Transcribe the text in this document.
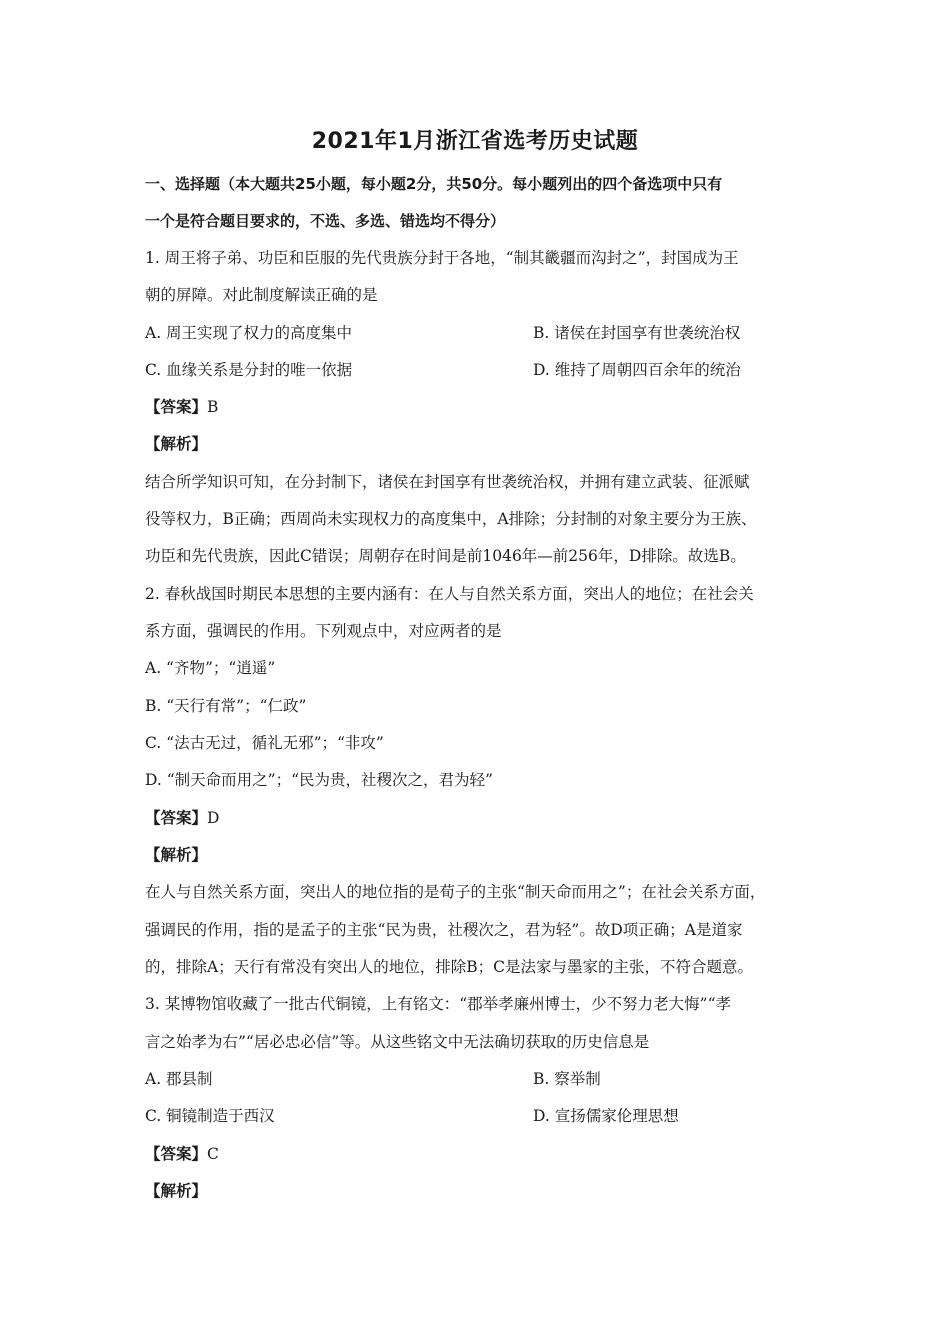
2021年1月浙江省选考历史试题
一、选择题（本大题共25小题，每小题2分，共50分。每小题列出的四个备选项中只有
一个是符合题目要求的，不选、多选、错选均不得分）
1. 周王将子弟、功臣和臣服的先代贵族分封于各地，“制其畿疆而沟封之”，封国成为王
朝的屏障。对此制度解读正确的是
A. 周王实现了权力的高度集中	B. 诸侯在封国享有世袭统治权
C. 血缘关系是分封的唯一依据	D. 维持了周朝四百余年的统治
【答案】B
【解析】
结合所学知识可知，在分封制下，诸侯在封国享有世袭统治权，并拥有建立武装、征派赋
役等权力，B正确；西周尚未实现权力的高度集中，A排除；分封制的对象主要分为王族、
功臣和先代贵族，因此C错误；周朝存在时间是前1046年—前256年，D排除。故选B。
2. 春秋战国时期民本思想的主要内涵有：在人与自然关系方面，突出人的地位；在社会关
系方面，强调民的作用。下列观点中，对应两者的是
A. “齐物”；“逍遥”
B. “天行有常”；“仁政”
C. “法古无过，循礼无邪”；“非攻”
D. “制天命而用之”；“民为贵，社稷次之，君为轻”
【答案】D
【解析】
在人与自然关系方面，突出人的地位指的是荀子的主张“制天命而用之”；在社会关系方面，
强调民的作用，指的是孟子的主张“民为贵，社稷次之，君为轻”。故D项正确；A是道家
的，排除A；天行有常没有突出人的地位，排除B；C是法家与墨家的主张，不符合题意。
3. 某博物馆收藏了一批古代铜镜，上有铭文：“郡举孝廉州博士，少不努力老大悔”“孝
言之始孝为右”“居必忠必信”等。从这些铭文中无法确切获取的历史信息是
A. 郡县制	B. 察举制
C. 铜镜制造于西汉	D. 宣扬儒家伦理思想
【答案】C
【解析】
